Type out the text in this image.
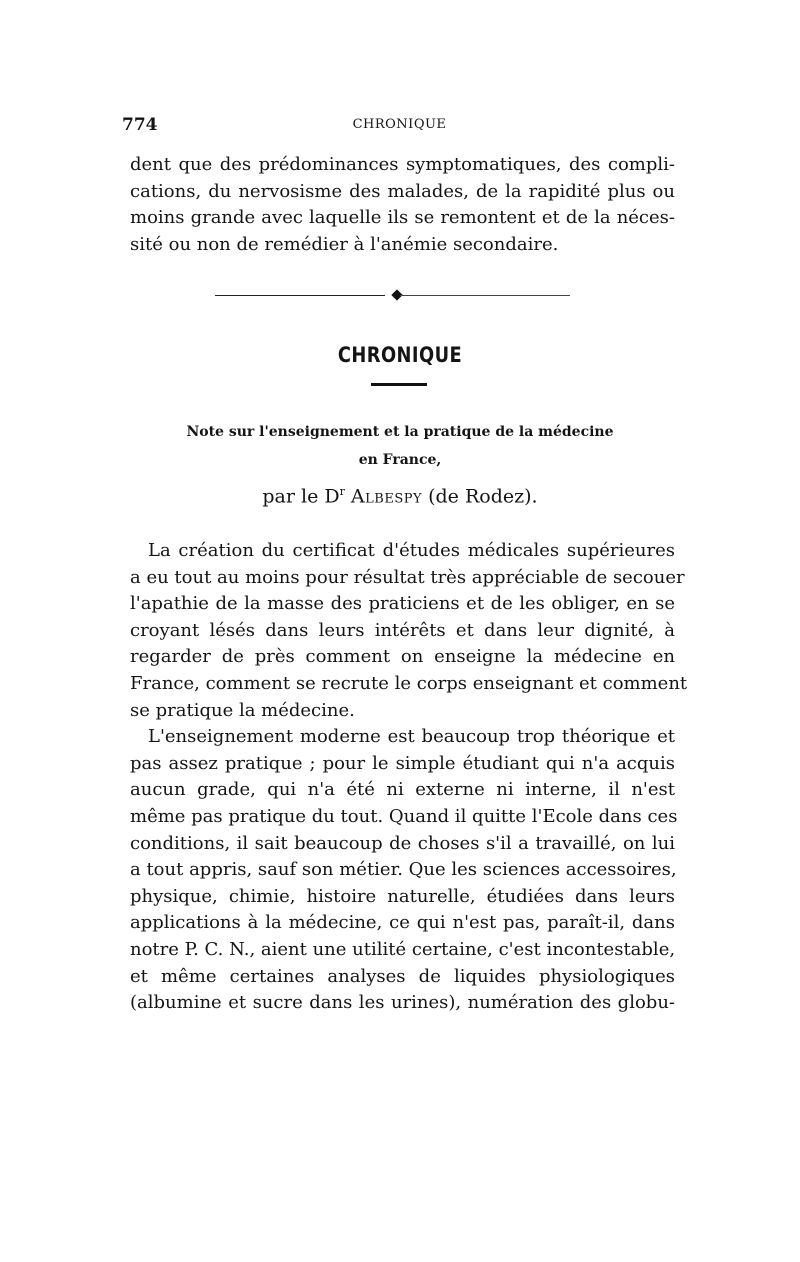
774	CHRONIQUE
dent que des prédominances symptomatiques, des compli-
cations, du nervosisme des malades, de la rapidité plus ou
moins grande avec laquelle ils se remontent et de la néces-
sité ou non de remédier à l'anémie secondaire.
CHRONIQUE
Note sur l'enseignement et la pratique de la médecine
en France,
par le $D^r$ Albespy (de Rodez).
La création du certificat d'études médicales supérieures
a eu tout au moins pour résultat très appréciable de secouer
l'apathie de la masse des praticiens et de les obliger, en se
croyant lésés dans leurs intérêts et dans leur dignité, à
regarder de près comment on enseigne la médecine en
France, comment se recrute le corps enseignant et comment
se pratique la médecine.
L'enseignement moderne est beaucoup trop théorique et
pas assez pratique ; pour le simple étudiant qui n'a acquis
aucun grade, qui n'a été ni externe ni interne, il n'est
même pas pratique du tout. Quand il quitte l'Ecole dans ces
conditions, il sait beaucoup de choses s'il a travaillé, on lui
a tout appris, sauf son métier. Que les sciences accessoires,
physique, chimie, histoire naturelle, étudiées dans leurs
applications à la médecine, ce qui n'est pas, paraît-il, dans
notre P. C. N., aient une utilité certaine, c'est incontestable,
et même certaines analyses de liquides physiologiques
(albumine et sucre dans les urines), numération des globu-
